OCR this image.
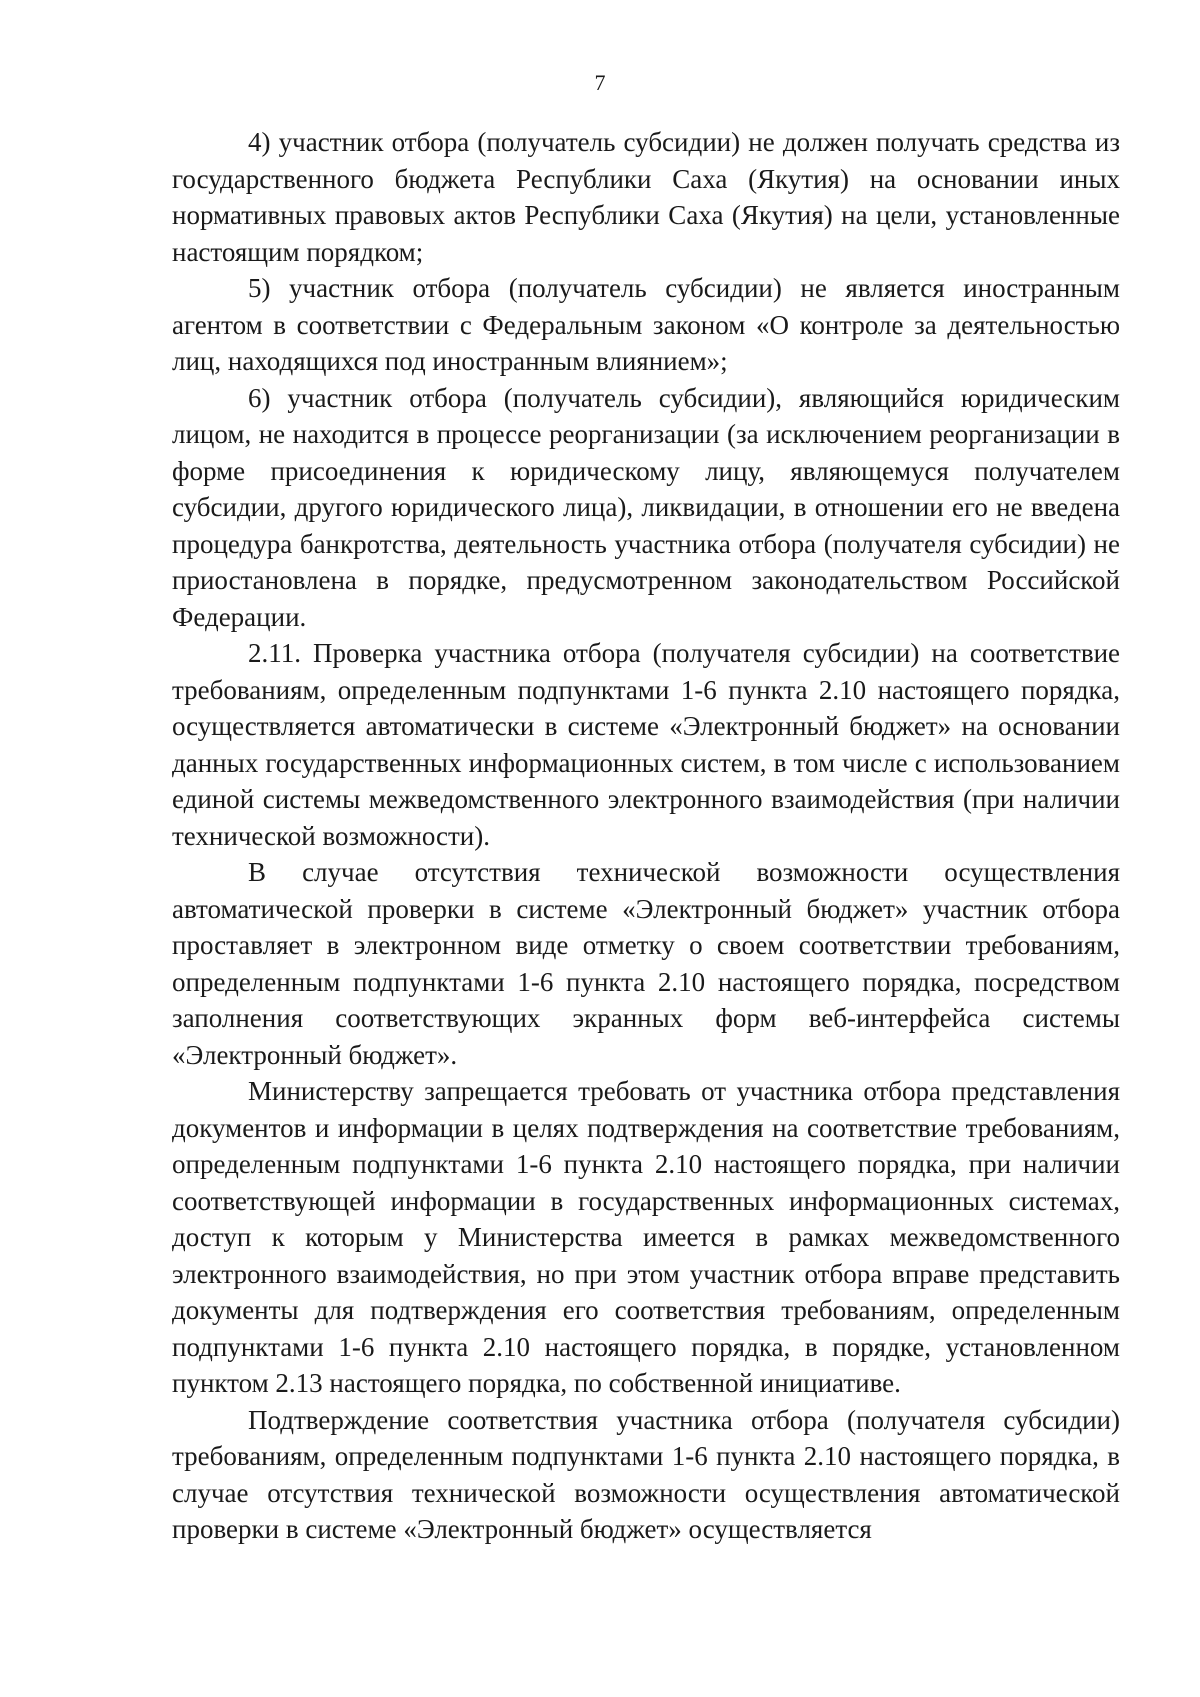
7

4) участник отбора (получатель субсидии) не должен получать средства из государственного бюджета Республики Саха (Якутия) на основании иных нормативных правовых актов Республики Саха (Якутия) на цели, установленные настоящим порядком;

5) участник отбора (получатель субсидии) не является иностранным агентом в соответствии с Федеральным законом «О контроле за деятельностью лиц, находящихся под иностранным влиянием»;

6) участник отбора (получатель субсидии), являющийся юридическим лицом, не находится в процессе реорганизации (за исключением реорганизации в форме присоединения к юридическому лицу, являющемуся получателем субсидии, другого юридического лица), ликвидации, в отношении его не введена процедура банкротства, деятельность участника отбора (получателя субсидии) не приостановлена в порядке, предусмотренном законодательством Российской Федерации.

2.11. Проверка участника отбора (получателя субсидии) на соответствие требованиям, определенным подпунктами 1-6 пункта 2.10 настоящего порядка, осуществляется автоматически в системе «Электронный бюджет» на основании данных государственных информационных систем, в том числе с использованием единой системы межведомственного электронного взаимодействия (при наличии технической возможности).

В случае отсутствия технической возможности осуществления автоматической проверки в системе «Электронный бюджет» участник отбора проставляет в электронном виде отметку о своем соответствии требованиям, определенным подпунктами 1-6 пункта 2.10 настоящего порядка, посредством заполнения соответствующих экранных форм веб-интерфейса системы «Электронный бюджет».

Министерству запрещается требовать от участника отбора представления документов и информации в целях подтверждения на соответствие требованиям, определенным подпунктами 1-6 пункта 2.10 настоящего порядка, при наличии соответствующей информации в государственных информационных системах, доступ к которым у Министерства имеется в рамках межведомственного электронного взаимодействия, но при этом участник отбора вправе представить документы для подтверждения его соответствия требованиям, определенным подпунктами 1-6 пункта 2.10 настоящего порядка, в порядке, установленном пунктом 2.13 настоящего порядка, по собственной инициативе.

Подтверждение соответствия участника отбора (получателя субсидии) требованиям, определенным подпунктами 1-6 пункта 2.10 настоящего порядка, в случае отсутствия технической возможности осуществления автоматической проверки в системе «Электронный бюджет» осуществляется
